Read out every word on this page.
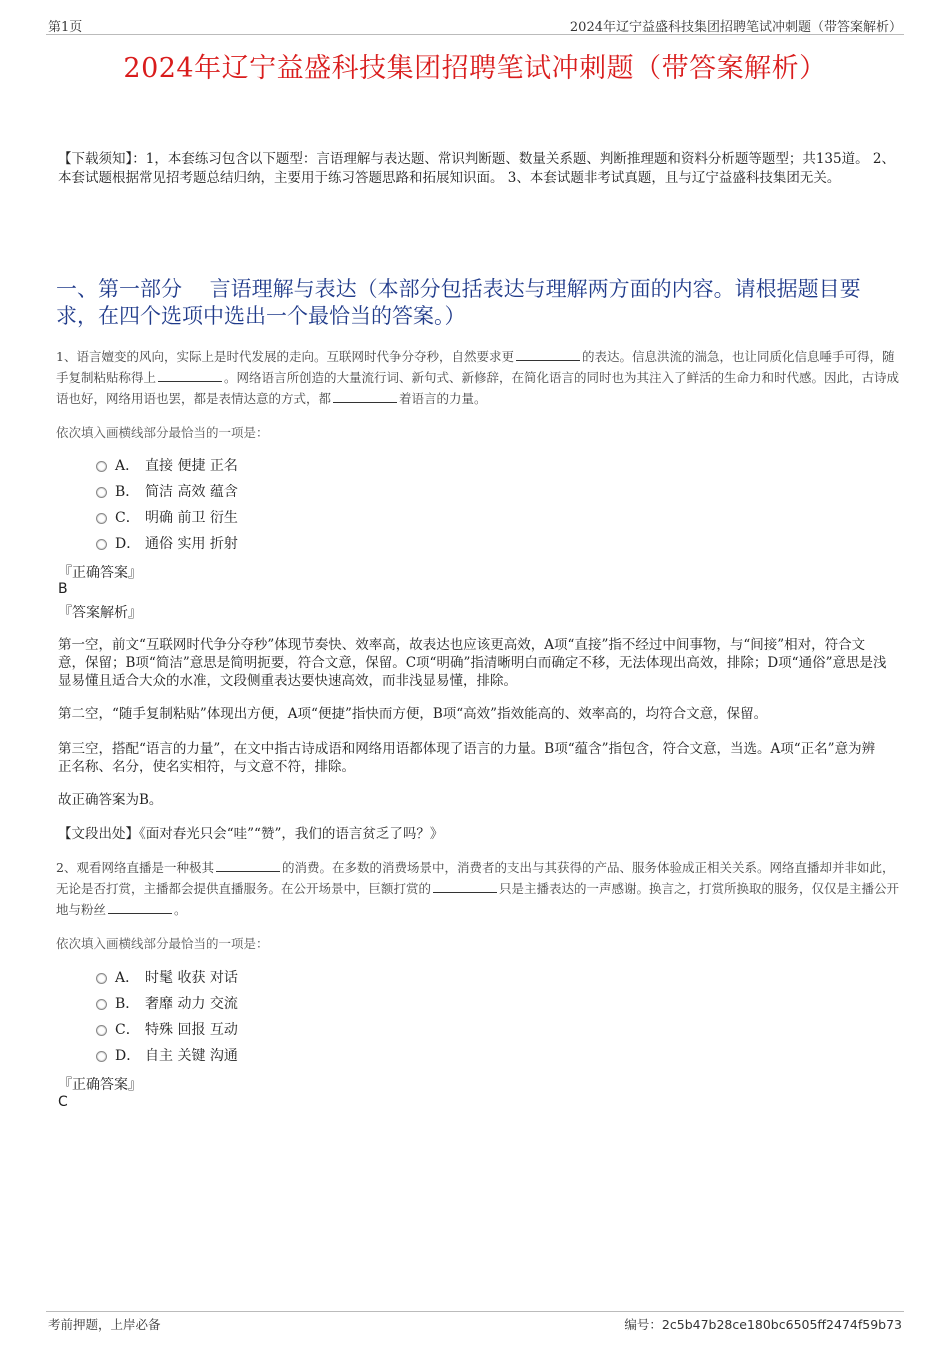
第1页	2024年辽宁益盛科技集团招聘笔试冲刺题（带答案解析）
2024年辽宁益盛科技集团招聘笔试冲刺题（带答案解析）
【下载须知】：1，本套练习包含以下题型：言语理解与表达题、常识判断题、数量关系题、判断推理题和资料分析题等题型；共135道。 2、本套试题根据常见招考题总结归纳，主要用于练习答题思路和拓展知识面。 3、本套试题非考试真题，且与辽宁益盛科技集团无关。
一、第一部分　 言语理解与表达（本部分包括表达与理解两方面的内容。请根据题目要求，在四个选项中选出一个最恰当的答案。）
1、语言嬗变的风向，实际上是时代发展的走向。互联网时代争分夺秒，自然要求更	的表达。信息洪流的湍急，也让同质化信息唾手可得，随手复制粘贴称得上	。网络语言所创造的大量流行词、新句式、新修辞，在简化语言的同时也为其注入了鲜活的生命力和时代感。因此，古诗成语也好，网络用语也罢，都是表情达意的方式，都	着语言的力量。
依次填入画横线部分最恰当的一项是：
A． 直接 便捷 正名
B． 简洁 高效 蕴含
C． 明确 前卫 衍生
D． 通俗 实用 折射
『正确答案』
B
『答案解析』
第一空，前文“互联网时代争分夺秒”体现节奏快、效率高，故表达也应该更高效，A项“直接”指不经过中间事物，与“间接”相对，符合文意，保留；B项“简洁”意思是简明扼要，符合文意，保留。C项“明确”指清晰明白而确定不移，无法体现出高效，排除；D项“通俗”意思是浅显易懂且适合大众的水准，文段侧重表达要快速高效，而非浅显易懂，排除。
第二空，“随手复制粘贴”体现出方便，A项“便捷”指快而方便，B项“高效”指效能高的、效率高的，均符合文意，保留。
第三空，搭配“语言的力量”，在文中指古诗成语和网络用语都体现了语言的力量。B项“蕴含”指包含，符合文意，当选。A项“正名”意为辨正名称、名分，使名实相符，与文意不符，排除。
故正确答案为B。
【文段出处】《面对春光只会“哇”“赞”，我们的语言贫乏了吗？》
2、观看网络直播是一种极其	的消费。在多数的消费场景中，消费者的支出与其获得的产品、服务体验成正相关关系。网络直播却并非如此，无论是否打赏，主播都会提供直播服务。在公开场景中，巨额打赏的	只是主播表达的一声感谢。换言之，打赏所换取的服务，仅仅是主播公开地与粉丝	。
依次填入画横线部分最恰当的一项是：
A． 时髦 收获 对话
B． 奢靡 动力 交流
C． 特殊 回报 互动
D． 自主 关键 沟通
『正确答案』
C
考前押题，上岸必备	编号：2c5b47b28ce180bc6505ff2474f59b73
